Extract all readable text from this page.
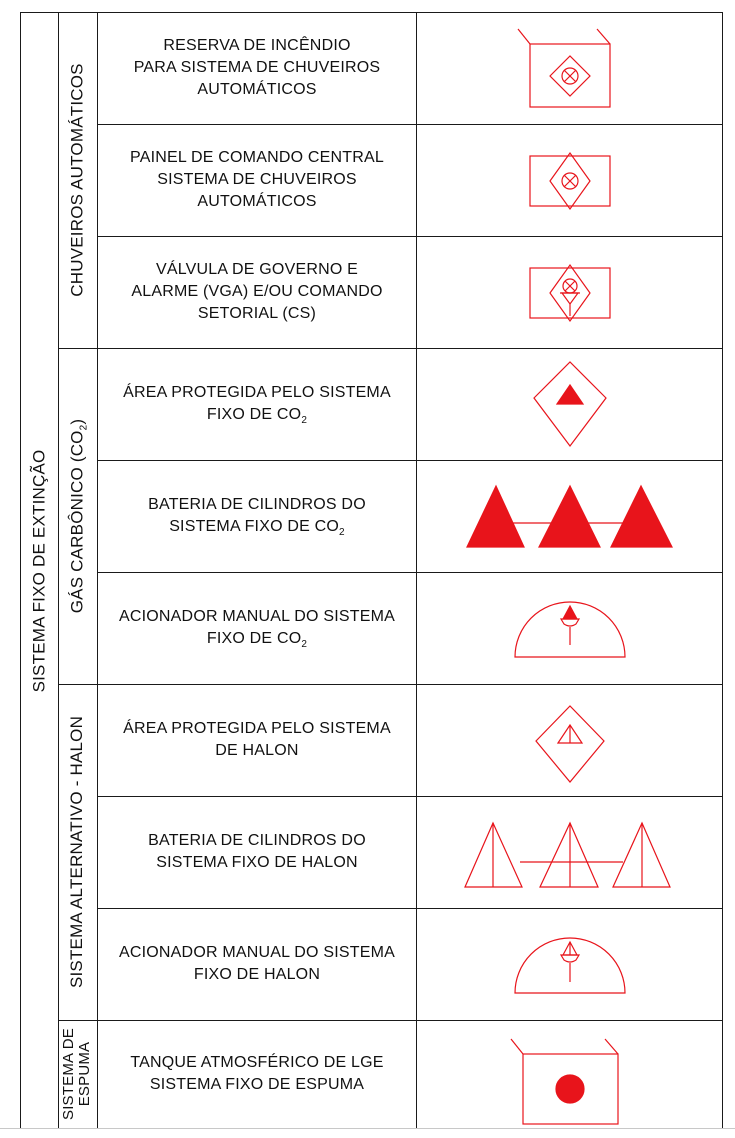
SISTEMA FIXO DE EXTINÇÃO
CHUVEIROS AUTOMÁTICOS
GÁS CARBÔNICO $(CO_2)$
SISTEMA ALTERNATIVO - HALON
SISTEMA DE
ESPUMA
RESERVA DE INCÊNDIO
PARA SISTEMA DE CHUVEIROS
AUTOMÁTICOS
PAINEL DE COMANDO CENTRAL
SISTEMA DE CHUVEIROS
AUTOMÁTICOS
VÁLVULA DE GOVERNO E
ALARME (VGA) E/OU COMANDO
SETORIAL (CS)
ÁREA PROTEGIDA PELO SISTEMA
FIXO DE $CO_2$
BATERIA DE CILINDROS DO
SISTEMA FIXO DE $CO_2$
ACIONADOR MANUAL DO SISTEMA
FIXO DE $CO_2$
ÁREA PROTEGIDA PELO SISTEMA
DE HALON
BATERIA DE CILINDROS DO
SISTEMA FIXO DE HALON
ACIONADOR MANUAL DO SISTEMA
FIXO DE HALON
TANQUE ATMOSFÉRICO DE LGE
SISTEMA FIXO DE ESPUMA
